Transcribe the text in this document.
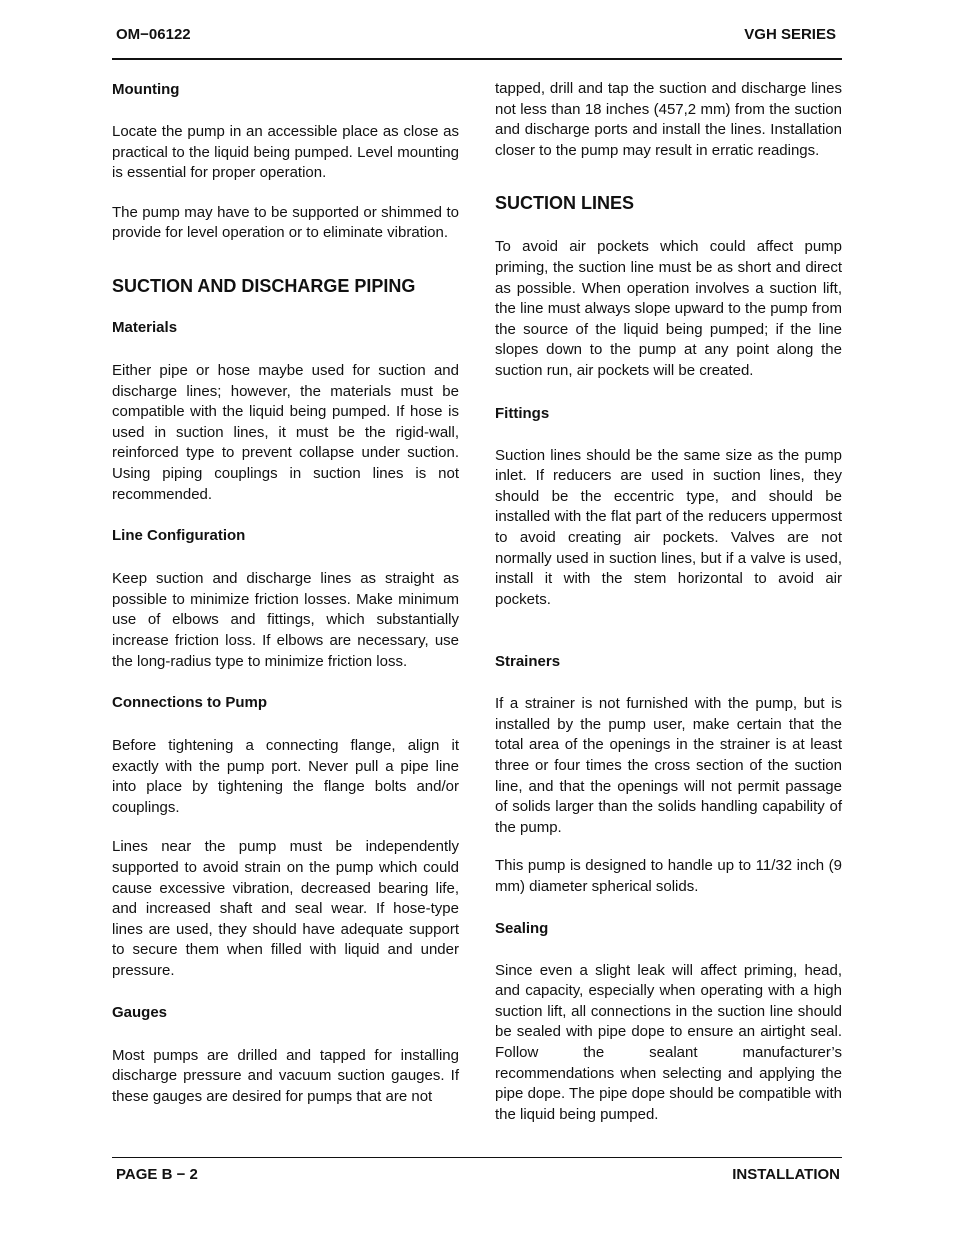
OM−06122	VGH SERIES
Mounting

Locate the pump in an accessible place as close as practical to the liquid being pumped. Level mounting is essential for proper operation.

The pump may have to be supported or shimmed to provide for level operation or to eliminate vibration.

SUCTION AND DISCHARGE PIPING
Materials

Either pipe or hose maybe used for suction and discharge lines; however, the materials must be compatible with the liquid being pumped. If hose is used in suction lines, it must be the rigid-wall, reinforced type to prevent collapse under suction. Using piping couplings in suction lines is not recommended.

Line Configuration

Keep suction and discharge lines as straight as possible to minimize friction losses. Make minimum use of elbows and fittings, which substantially increase friction loss. If elbows are necessary, use the long-radius type to minimize friction loss.

Connections to Pump

Before tightening a connecting flange, align it exactly with the pump port. Never pull a pipe line into place by tightening the flange bolts and/or couplings.

Lines near the pump must be independently supported to avoid strain on the pump which could cause excessive vibration, decreased bearing life, and increased shaft and seal wear. If hose-type lines are used, they should have adequate support to secure them when filled with liquid and under pressure.

Gauges

Most pumps are drilled and tapped for installing discharge pressure and vacuum suction gauges. If these gauges are desired for pumps that are not

tapped, drill and tap the suction and discharge lines not less than 18 inches (457,2 mm) from the suction and discharge ports and install the lines. Installation closer to the pump may result in erratic readings.

SUCTION LINES

To avoid air pockets which could affect pump priming, the suction line must be as short and direct as possible. When operation involves a suction lift, the line must always slope upward to the pump from the source of the liquid being pumped; if the line slopes down to the pump at any point along the suction run, air pockets will be created.

Fittings

Suction lines should be the same size as the pump inlet. If reducers are used in suction lines, they should be the eccentric type, and should be installed with the flat part of the reducers uppermost to avoid creating air pockets. Valves are not normally used in suction lines, but if a valve is used, install it with the stem horizontal to avoid air pockets.

Strainers

If a strainer is not furnished with the pump, but is installed by the pump user, make certain that the total area of the openings in the strainer is at least three or four times the cross section of the suction line, and that the openings will not permit passage of solids larger than the solids handling capability of the pump.

This pump is designed to handle up to 11/32 inch (9 mm) diameter spherical solids.

Sealing

Since even a slight leak will affect priming, head, and capacity, especially when operating with a high suction lift, all connections in the suction line should be sealed with pipe dope to ensure an airtight seal. Follow the sealant manufacturer’s recommendations when selecting and applying the pipe dope. The pipe dope should be compatible with the liquid being pumped.

PAGE B − 2	INSTALLATION
